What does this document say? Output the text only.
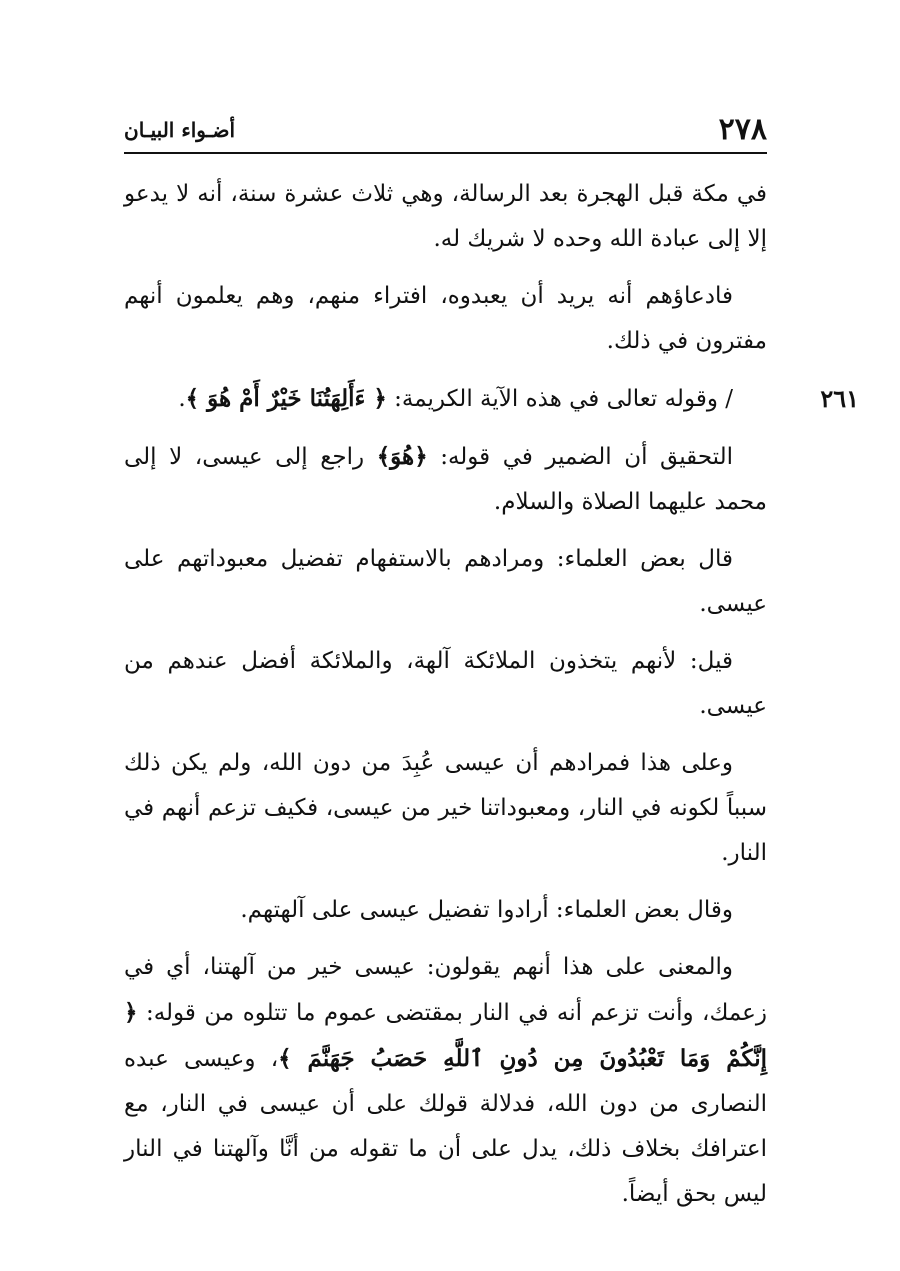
٢٧٨
أضـواء البيـان

في مكة قبل الهجرة بعد الرسالة، وهي ثلاث عشرة سنة، أنه لا يدعو إلا إلى عبادة الله وحده لا شريك له.

فادعاؤهم أنه يريد أن يعبدوه، افتراء منهم، وهم يعلمون أنهم مفترون في ذلك.

٢٦١
/ وقوله تعالى في هذه الآية الكريمة: ﴿ ءَأَلِهَتُنَا خَيْرٌ أَمْ هُوَ ﴾.

التحقيق أن الضمير في قوله: ﴿هُوَ﴾ راجع إلى عيسى، لا إلى محمد عليهما الصلاة والسلام.

قال بعض العلماء: ومرادهم بالاستفهام تفضيل معبوداتهم على عيسى.

قيل: لأنهم يتخذون الملائكة آلهة، والملائكة أفضل عندهم من عيسى.

وعلى هذا فمرادهم أن عيسى عُبِدَ من دون الله، ولم يكن ذلك سبباً لكونه في النار، ومعبوداتنا خير من عيسى، فكيف تزعم أنهم في النار.

وقال بعض العلماء: أرادوا تفضيل عيسى على آلهتهم.

والمعنى على هذا أنهم يقولون: عيسى خير من آلهتنا، أي في زعمك، وأنت تزعم أنه في النار بمقتضى عموم ما تتلوه من قوله: ﴿ إِنَّكُمْ وَمَا تَعْبُدُونَ مِن دُونِ ٱللَّهِ حَصَبُ جَهَنَّمَ ﴾، وعيسى عبده النصارى من دون الله، فدلالة قولك على أن عيسى في النار، مع اعترافك بخلاف ذلك، يدل على أن ما تقوله من أنَّا وآلهتنا في النار ليس بحق أيضاً.
